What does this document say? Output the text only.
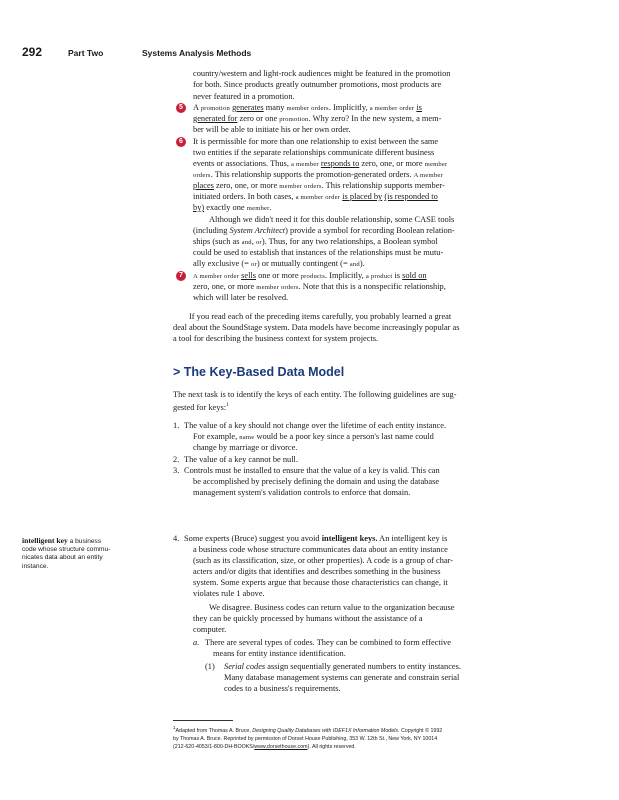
292	Part Two	Systems Analysis Methods
country/western and light-rock audiences might be featured in the promotion
for both. Since products greatly outnumber promotions, most products are
never featured in a promotion.
5	A promotion generates many member orders. Implicitly, a member order is
generated for zero or one promotion. Why zero? In the new system, a mem-
ber will be able to initiate his or her own order.
6	It is permissible for more than one relationship to exist between the same
two entities if the separate relationships communicate different business
events or associations. Thus, a member responds to zero, one, or more member
orders. This relationship supports the promotion-generated orders. A member
places zero, one, or more member orders. This relationship supports member-
initiated orders. In both cases, a member order is placed by (is responded to
by) exactly one member.
Although we didn't need it for this double relationship, some CASE tools
(including System Architect) provide a symbol for recording Boolean relation-
ships (such as and, or). Thus, for any two relationships, a Boolean symbol
could be used to establish that instances of the relationships must be mutu-
ally exclusive (= or) or mutually contingent (= and).
7	A member order sells one or more products. Implicitly, a product is sold on
zero, one, or more member orders. Note that this is a nonspecific relationship,
which will later be resolved.
If you read each of the preceding items carefully, you probably learned a great
deal about the SoundStage system. Data models have become increasingly popular as
a tool for describing the business context for system projects.
> The Key-Based Data Model
The next task is to identify the keys of each entity. The following guidelines are sug-
gested for keys:$^1$
1. The value of a key should not change over the lifetime of each entity instance.
For example, name would be a poor key since a person's last name could
change by marriage or divorce.
2. The value of a key cannot be null.
3. Controls must be installed to ensure that the value of a key is valid. This can
be accomplished by precisely defining the domain and using the database
management system's validation controls to enforce that domain.
4. Some experts (Bruce) suggest you avoid intelligent keys. An intelligent key is
a business code whose structure communicates data about an entity instance
(such as its classification, size, or other properties). A code is a group of char-
acters and/or digits that identifies and describes something in the business
system. Some experts argue that because those characteristics can change, it
violates rule 1 above.
We disagree. Business codes can return value to the organization because
they can be quickly processed by humans without the assistance of a
computer.
a. There are several types of codes. They can be combined to form effective
means for entity instance identification.
(1) Serial codes assign sequentially generated numbers to entity instances.
Many database management systems can generate and constrain serial
codes to a business's requirements.
intelligent key a business
code whose structure commu-
nicates data about an entity
instance.
$^1$Adapted from Thomas A. Bruce, Designing Quality Databases with IDEF1X Information Models. Copyright © 1992
by Thomas A. Bruce. Reprinted by permission of Dorset House Publishing, 353 W. 12th St., New York, NY 10014
(212-620-4053/1-800-DH-BOOKS/www.dorsethouse.com). All rights reserved.
